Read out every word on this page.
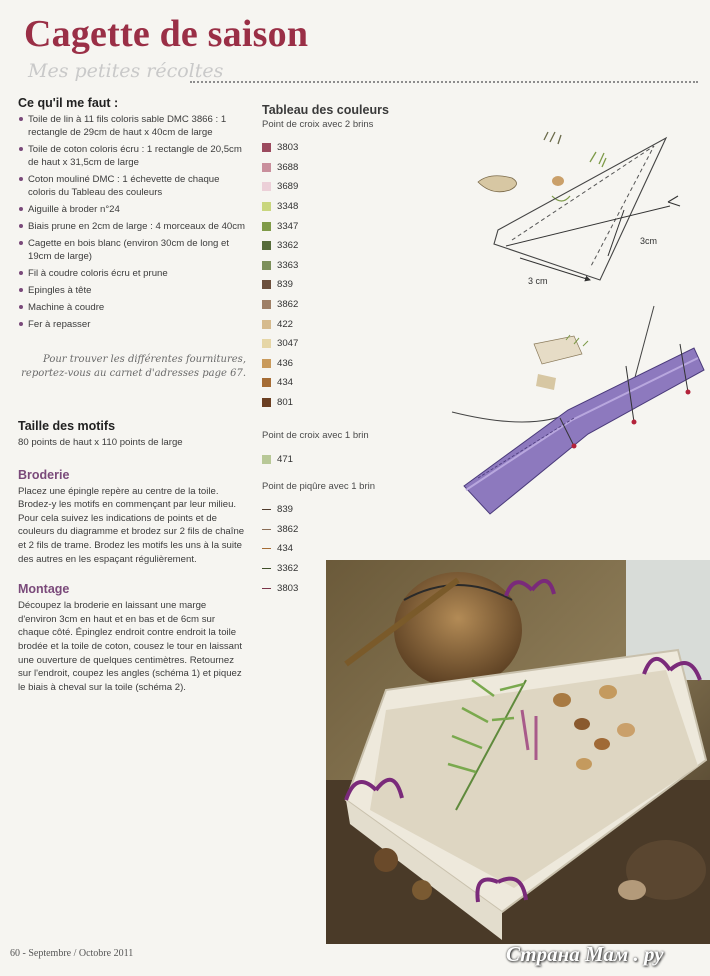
Cagette de saison
Mes petites récoltes
Ce qu'il me faut :
Toile de lin à 11 fils coloris sable DMC 3866 : 1 rectangle de 29cm de haut x 40cm de large
Toile de coton coloris écru : 1 rectangle de 20,5cm de haut x 31,5cm de large
Coton mouliné DMC : 1 échevette de chaque coloris du Tableau des couleurs
Aiguille à broder n°24
Biais prune en 2cm de large : 4 morceaux de 40cm
Cagette en bois blanc (environ 30cm de long et 19cm de large)
Fil à coudre coloris écru et prune
Epingles à tête
Machine à coudre
Fer à repasser

Pour trouver les différentes fournitures, reportez-vous au carnet d'adresses page 67.

Taille des motifs

80 points de haut x 110 points de large

Broderie

Placez une épingle repère au centre de la toile. Brodez-y les motifs en commençant par leur milieu. Pour cela suivez les indications de points et de couleurs du diagramme et brodez sur 2 fils de chaîne et 2 fils de trame. Brodez les motifs les uns à la suite des autres en les espaçant régulièrement.

Montage

Découpez la broderie en laissant une marge d'environ 3cm en haut et en bas et de 6cm sur chaque côté. Épinglez endroit contre endroit la toile brodée et la toile de coton, cousez le tour en laissant une ouverture de quelques centimètres. Retournez sur l'endroit, coupez les angles (schéma 1) et piquez le biais à cheval sur la toile (schéma 2).

Tableau des couleurs
Point de croix avec 2 brins
3803
3688
3689
3348
3347
3362
3363
839
3862
422
3047
436
434
801
Point de croix avec 1 brin
471
Point de piqûre avec 1 brin
839
3862
434
3362
3803
3cm
3 cm
60 - Septembre / Octobre 2011	Страна Мам . ру
